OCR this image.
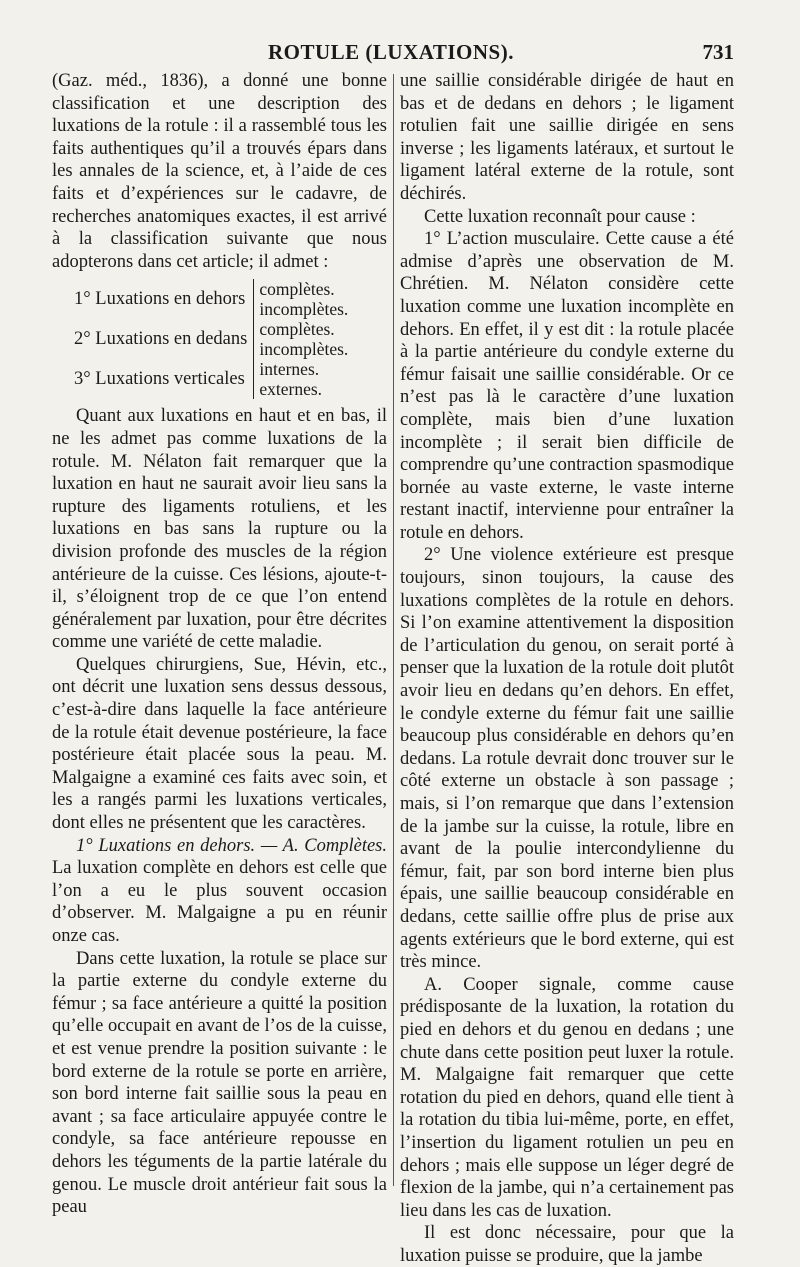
ROTULE (LUXATIONS).	731

(Gaz. méd., 1836), a donné une bonne classification et une description des luxations de la rotule : il a rassemblé tous les faits authentiques qu’il a trouvés épars dans les annales de la science, et, à l’aide de ces faits et d’expériences sur le cadavre, de recherches anatomiques exactes, il est arrivé à la classification suivante que nous adopterons dans cet article; il admet :

1° Luxations en dehors	complètes.
incomplètes.

2° Luxations en dedans	complètes.
incomplètes.

3° Luxations verticales	internes.
externes.

Quant aux luxations en haut et en bas, il ne les admet pas comme luxations de la rotule. M. Nélaton fait remarquer que la luxation en haut ne saurait avoir lieu sans la rupture des ligaments rotuliens, et les luxations en bas sans la rupture ou la division profonde des muscles de la région antérieure de la cuisse. Ces lésions, ajoute-t-il, s’éloignent trop de ce que l’on entend généralement par luxation, pour être décrites comme une variété de cette maladie.

Quelques chirurgiens, Sue, Hévin, etc., ont décrit une luxation sens dessus dessous, c’est-à-dire dans laquelle la face antérieure de la rotule était devenue postérieure, la face postérieure était placée sous la peau. M. Malgaigne a examiné ces faits avec soin, et les a rangés parmi les luxations verticales, dont elles ne présentent que les caractères.

1° Luxations en dehors. — A. Complètes. La luxation complète en dehors est celle que l’on a eu le plus souvent occasion d’observer. M. Malgaigne a pu en réunir onze cas.

Dans cette luxation, la rotule se place sur la partie externe du condyle externe du fémur ; sa face antérieure a quitté la position qu’elle occupait en avant de l’os de la cuisse, et est venue prendre la position suivante : le bord externe de la rotule se porte en arrière, son bord interne fait saillie sous la peau en avant ; sa face articulaire appuyée contre le condyle, sa face antérieure repousse en dehors les téguments de la partie latérale du genou. Le muscle droit antérieur fait sous la peau

une saillie considérable dirigée de haut en bas et de dedans en dehors ; le ligament rotulien fait une saillie dirigée en sens inverse ; les ligaments latéraux, et surtout le ligament latéral externe de la rotule, sont déchirés.

Cette luxation reconnaît pour cause :

1° L’action musculaire. Cette cause a été admise d’après une observation de M. Chrétien. M. Nélaton considère cette luxation comme une luxation incomplète en dehors. En effet, il y est dit : la rotule placée à la partie antérieure du condyle externe du fémur faisait une saillie considérable. Or ce n’est pas là le caractère d’une luxation complète, mais bien d’une luxation incomplète ; il serait bien difficile de comprendre qu’une contraction spasmodique bornée au vaste externe, le vaste interne restant inactif, intervienne pour entraîner la rotule en dehors.

2° Une violence extérieure est presque toujours, sinon toujours, la cause des luxations complètes de la rotule en dehors. Si l’on examine attentivement la disposition de l’articulation du genou, on serait porté à penser que la luxation de la rotule doit plutôt avoir lieu en dedans qu’en dehors. En effet, le condyle externe du fémur fait une saillie beaucoup plus considérable en dehors qu’en dedans. La rotule devrait donc trouver sur le côté externe un obstacle à son passage ; mais, si l’on remarque que dans l’extension de la jambe sur la cuisse, la rotule, libre en avant de la poulie intercondylienne du fémur, fait, par son bord interne bien plus épais, une saillie beaucoup considérable en dedans, cette saillie offre plus de prise aux agents extérieurs que le bord externe, qui est très mince.

A. Cooper signale, comme cause prédisposante de la luxation, la rotation du pied en dehors et du genou en dedans ; une chute dans cette position peut luxer la rotule. M. Malgaigne fait remarquer que cette rotation du pied en dehors, quand elle tient à la rotation du tibia lui-même, porte, en effet, l’insertion du ligament rotulien un peu en dehors ; mais elle suppose un léger degré de flexion de la jambe, qui n’a certainement pas lieu dans les cas de luxation.

Il est donc nécessaire, pour que la luxation puisse se produire, que la jambe
